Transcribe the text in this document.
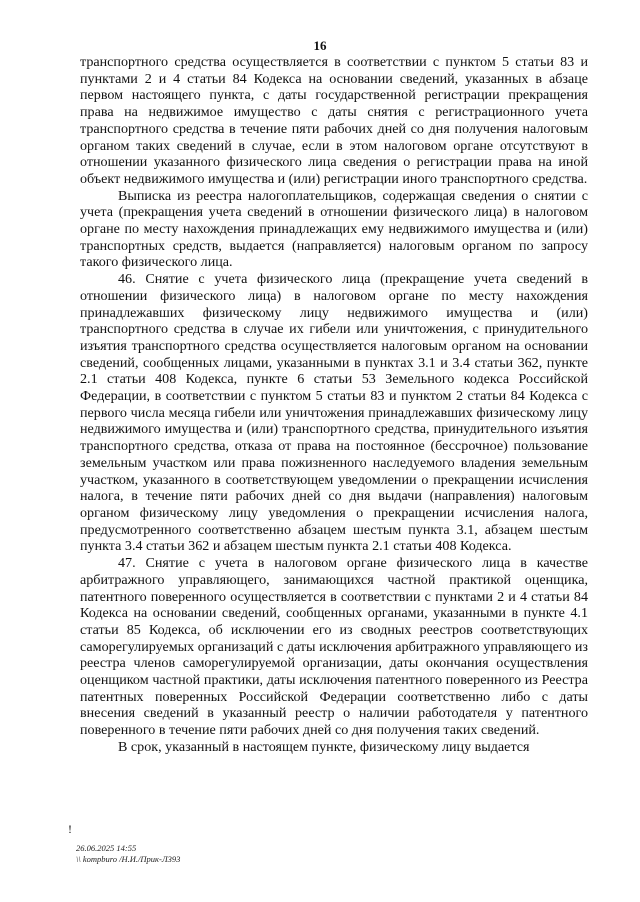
16

транспортного средства осуществляется в соответствии с пунктом 5 статьи 83 и пунктами 2 и 4 статьи 84 Кодекса на основании сведений, указанных в абзаце первом настоящего пункта, с даты государственной регистрации прекращения права на недвижимое имущество с даты снятия с регистрационного учета транспортного средства в течение пяти рабочих дней со дня получения налоговым органом таких сведений в случае, если в этом налоговом органе отсутствуют в отношении указанного физического лица сведения о регистрации права на иной объект недвижимого имущества и (или) регистрации иного транспортного средства.

Выписка из реестра налогоплательщиков, содержащая сведения о снятии с учета (прекращения учета сведений в отношении физического лица) в налоговом органе по месту нахождения принадлежащих ему недвижимого имущества и (или) транспортных средств, выдается (направляется) налоговым органом по запросу такого физического лица.

46. Снятие с учета физического лица (прекращение учета сведений в отношении физического лица) в налоговом органе по месту нахождения принадлежавших физическому лицу недвижимого имущества и (или) транспортного средства в случае их гибели или уничтожения, с принудительного изъятия транспортного средства осуществляется налоговым органом на основании сведений, сообщенных лицами, указанными в пунктах 3.1 и 3.4 статьи 362, пункте 2.1 статьи 408 Кодекса, пункте 6 статьи 53 Земельного кодекса Российской Федерации, в соответствии с пунктом 5 статьи 83 и пунктом 2 статьи 84 Кодекса с первого числа месяца гибели или уничтожения принадлежавших физическому лицу недвижимого имущества и (или) транспортного средства, принудительного изъятия транспортного средства, отказа от права на постоянное (бессрочное) пользование земельным участком или права пожизненного наследуемого владения земельным участком, указанного в соответствующем уведомлении о прекращении исчисления налога, в течение пяти рабочих дней со дня выдачи (направления) налоговым органом физическому лицу уведомления о прекращении исчисления налога, предусмотренного соответственно абзацем шестым пункта 3.1, абзацем шестым пункта 3.4 статьи 362 и абзацем шестым пункта 2.1 статьи 408 Кодекса.

47. Снятие с учета в налоговом органе физического лица в качестве арбитражного управляющего, занимающихся частной практикой оценщика, патентного поверенного осуществляется в соответствии с пунктами 2 и 4 статьи 84 Кодекса на основании сведений, сообщенных органами, указанными в пункте 4.1 статьи 85 Кодекса, об исключении его из сводных реестров соответствующих саморегулируемых организаций с даты исключения арбитражного управляющего из реестра членов саморегулируемой организации, даты окончания осуществления оценщиком частной практики, даты исключения патентного поверенного из Реестра патентных поверенных Российской Федерации соответственно либо с даты внесения сведений в указанный реестр о наличии работодателя у патентного поверенного в течение пяти рабочих дней со дня получения таких сведений.

В срок, указанный в настоящем пункте, физическому лицу выдается

!
26.06.2025 14:55
\\ kompburo /Н.И./Прик-Л393
